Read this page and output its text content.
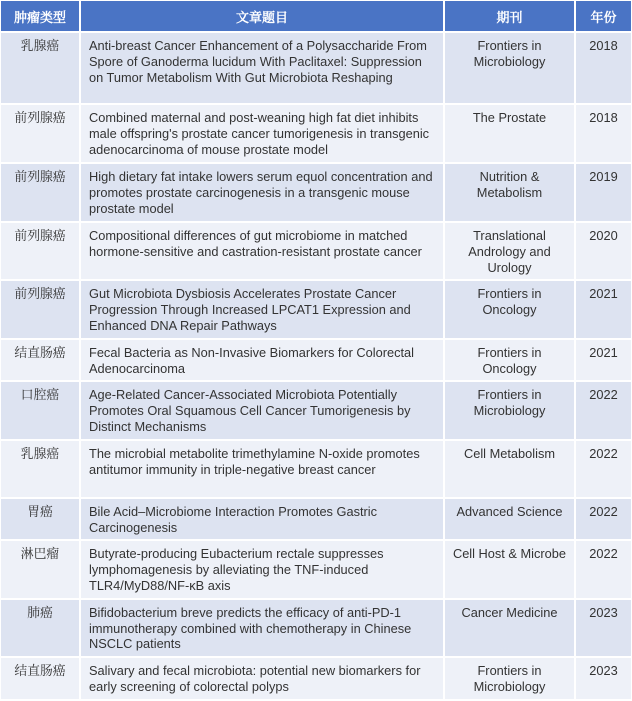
肿瘤类型	文章题目	期刊	年份
乳腺癌	Anti-breast Cancer Enhancement of a Polysaccharide From Spore of Ganoderma lucidum With Paclitaxel: Suppression on Tumor Metabolism With Gut Microbiota Reshaping	Frontiers in Microbiology	2018
前列腺癌	Combined maternal and post-weaning high fat diet inhibits male offspring's prostate cancer tumorigenesis in transgenic adenocarcinoma of mouse prostate model	The Prostate	2018
前列腺癌	High dietary fat intake lowers serum equol concentration and promotes prostate carcinogenesis in a transgenic mouse prostate model	Nutrition & Metabolism	2019
前列腺癌	Compositional differences of gut microbiome in matched hormone-sensitive and castration-resistant prostate cancer	Translational Andrology and Urology	2020
前列腺癌	Gut Microbiota Dysbiosis Accelerates Prostate Cancer Progression Through Increased LPCAT1 Expression and Enhanced DNA Repair Pathways	Frontiers in Oncology	2021
结直肠癌	Fecal Bacteria as Non-Invasive Biomarkers for Colorectal Adenocarcinoma	Frontiers in Oncology	2021
口腔癌	Age-Related Cancer-Associated Microbiota Potentially Promotes Oral Squamous Cell Cancer Tumorigenesis by Distinct Mechanisms	Frontiers in Microbiology	2022
乳腺癌	The microbial metabolite trimethylamine N-oxide promotes antitumor immunity in triple-negative breast cancer	Cell Metabolism	2022
胃癌	Bile Acid–Microbiome Interaction Promotes Gastric Carcinogenesis	Advanced Science	2022
淋巴瘤	Butyrate-producing Eubacterium rectale suppresses lymphomagenesis by alleviating the TNF-induced TLR4/MyD88/NF-κB axis	Cell Host & Microbe	2022
肺癌	Bifidobacterium breve predicts the efficacy of anti-PD-1 immunotherapy combined with chemotherapy in Chinese NSCLC patients	Cancer Medicine	2023
结直肠癌	Salivary and fecal microbiota: potential new biomarkers for early screening of colorectal polyps	Frontiers in Microbiology	2023
